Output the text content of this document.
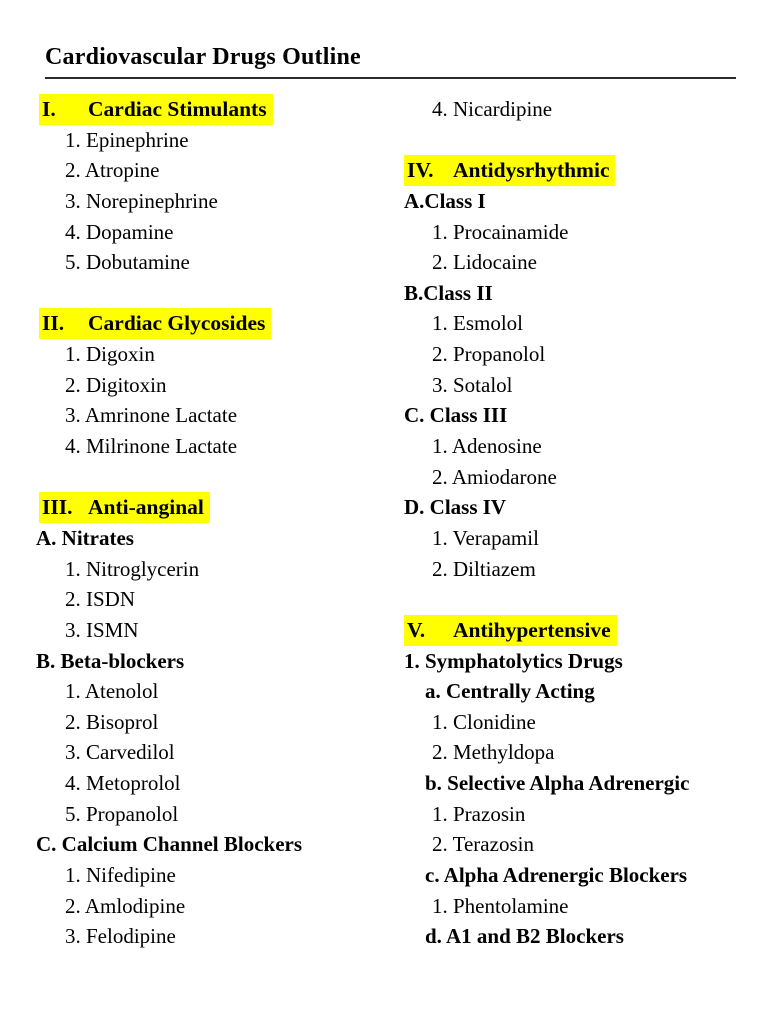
Cardiovascular Drugs Outline
I. Cardiac Stimulants
1. Epinephrine
2. Atropine
3. Norepinephrine
4. Dopamine
5. Dobutamine
II. Cardiac Glycosides
1. Digoxin
2. Digitoxin
3. Amrinone Lactate
4. Milrinone Lactate
III. Anti-anginal
A. Nitrates
1. Nitroglycerin
2. ISDN
3. ISMN
B. Beta-blockers
1. Atenolol
2. Bisoprol
3. Carvedilol
4. Metoprolol
5. Propanolol
C. Calcium Channel Blockers
1. Nifedipine
2. Amlodipine
3. Felodipine
4. Nicardipine
IV. Antidysrhythmic
A.Class I
1. Procainamide
2. Lidocaine
B.Class II
1. Esmolol
2. Propanolol
3. Sotalol
C. Class III
1. Adenosine
2. Amiodarone
D. Class IV
1. Verapamil
2. Diltiazem
V. Antihypertensive
1. Symphatolytics Drugs
a. Centrally Acting
1. Clonidine
2. Methyldopa
b. Selective Alpha Adrenergic
1. Prazosin
2. Terazosin
c. Alpha Adrenergic Blockers
1. Phentolamine
d. A1 and B2 Blockers
